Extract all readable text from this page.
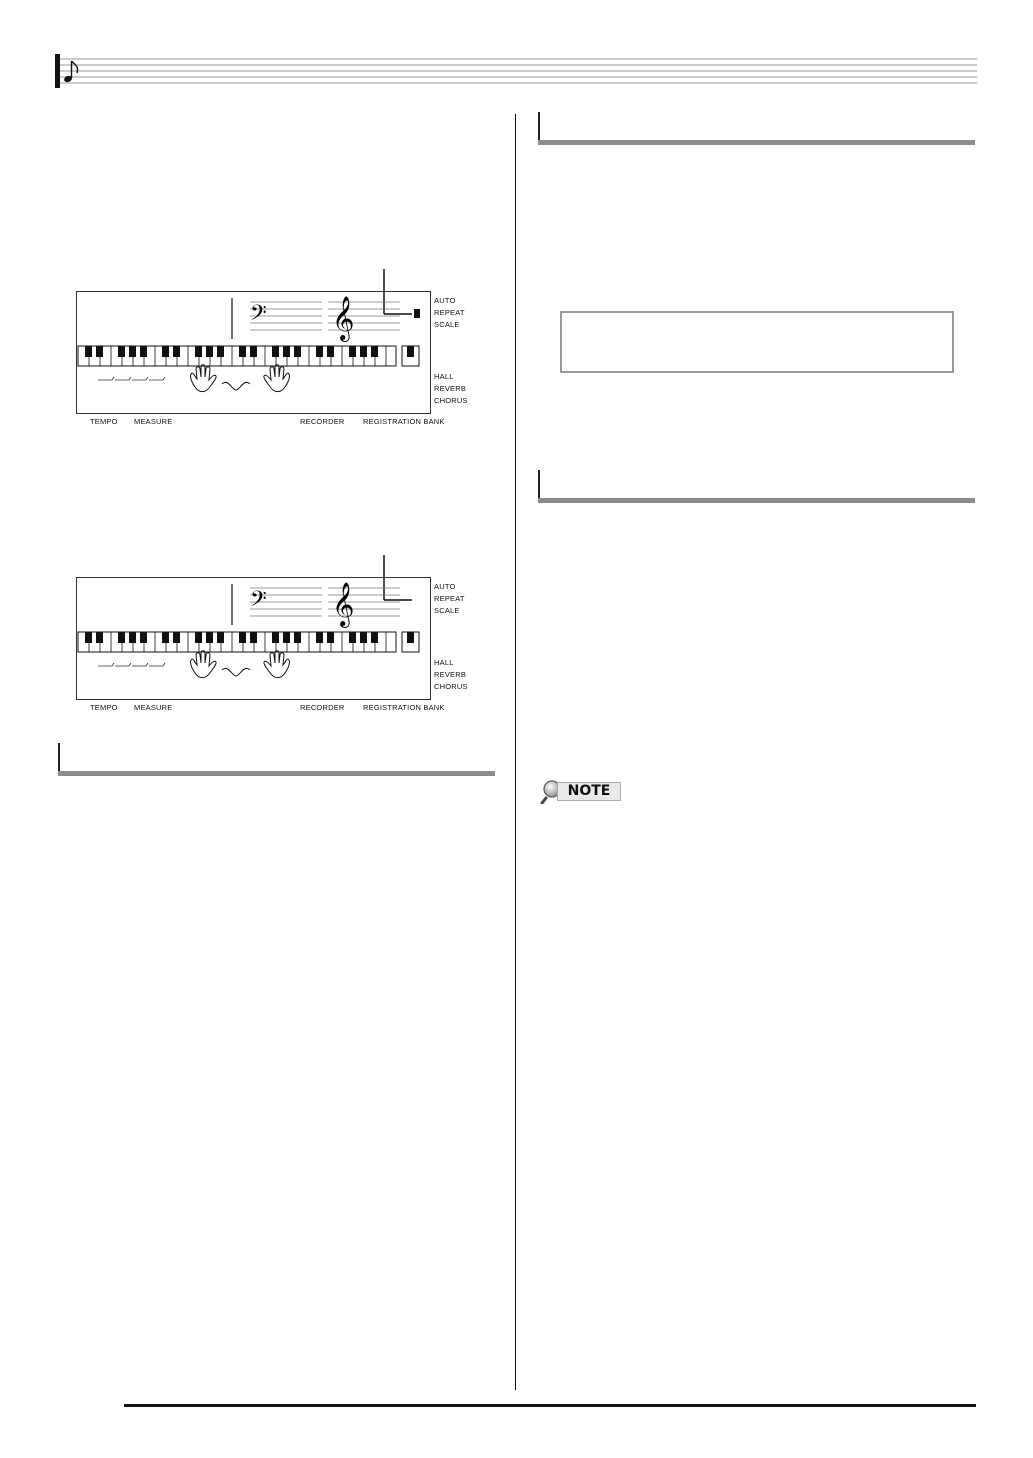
𝄢 𝄞	AUTO
REPEAT
SCALE
HALL
REVERB
CHORUS
TEMPO MEASURE	RECORDER REGISTRATION BANK
𝄢 𝄞	AUTO
REPEAT
SCALE
HALL
REVERB
CHORUS
TEMPO MEASURE	RECORDER REGISTRATION BANK
NOTE
